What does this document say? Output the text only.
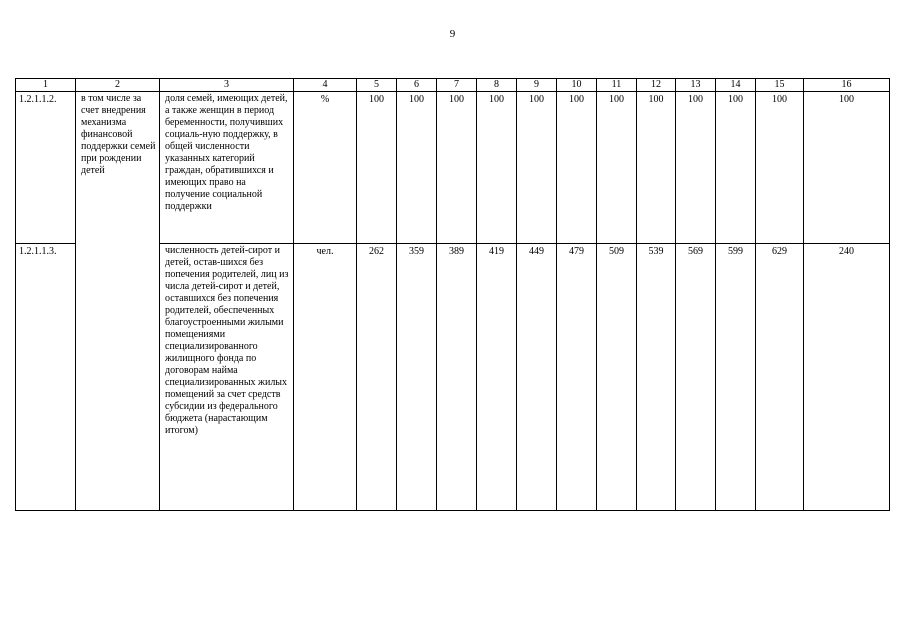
9
1	2	3	4	5	6	7	8	9	10	11	12	13	14	15	16
1.2.1.1.2.	в том числе за счет внедрения механизма финансовой поддержки семей при рождении детей	доля семей, имеющих детей, а также женщин в период беременности, получивших социаль-ную поддержку, в общей численности указанных категорий граждан, обратившихся и имеющих право на получение социальной поддержки	%	100	100	100	100	100	100	100	100	100	100	100	100
1.2.1.1.3.		численность детей-сирот и детей, остав-шихся без попечения родителей, лиц из числа детей-сирот и детей, оставшихся без попечения родителей, обеспеченных благоустроенными жилыми помещениями специализированного жилищного фонда по договорам найма специализированных жилых помещений за счет средств субсидии из федерального бюджета (нарастающим итогом)	чел.	262	359	389	419	449	479	509	539	569	599	629	240
